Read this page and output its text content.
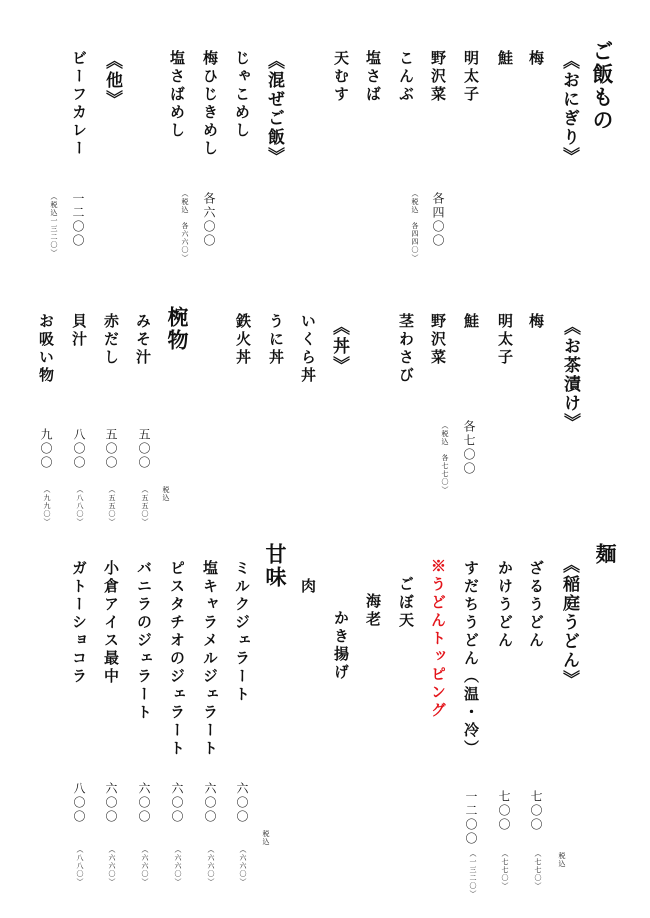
ご飯もの
《おにぎり》
梅
鮭
明太子
野沢菜
こんぶ
塩さば
天むす
各四〇〇
（税込　各四四〇）
《混ぜご飯》
じゃこめし
梅ひじきめし
塩さばめし
各六〇〇
（税込　各六六〇）
《他》
ビーフカレー
一二〇〇
（税込一三二〇）
《お茶漬け》
梅
明太子
鮭
野沢菜
茎わさび
各七〇〇
（税込　各七七〇）
《丼》
いくら丼
うに丼
鉄火丼
椀物
税込
みそ汁
赤だし
貝汁
お吸い物
五〇〇
五〇〇
八〇〇
九〇〇
（五五〇）
（五五〇）
（八八〇）
（九九〇）
麺
《稲庭うどん》
税込
ざるうどん
かけうどん
すだちうどん（温・冷）
七〇〇
七〇〇
一二〇〇
（七七〇）
（七七〇）
（一三二〇）
※うどんトッピング
ごぼ天
海老
かき揚げ
肉
甘味
税込
ミルクジェラート
塩キャラメルジェラート
ピスタチオのジェラート
バニラのジェラート
小倉アイス最中
ガトーショコラ
六〇〇
六〇〇
六〇〇
六〇〇
六〇〇
八〇〇
（六六〇）
（六六〇）
（六六〇）
（六六〇）
（六六〇）
（八八〇）
